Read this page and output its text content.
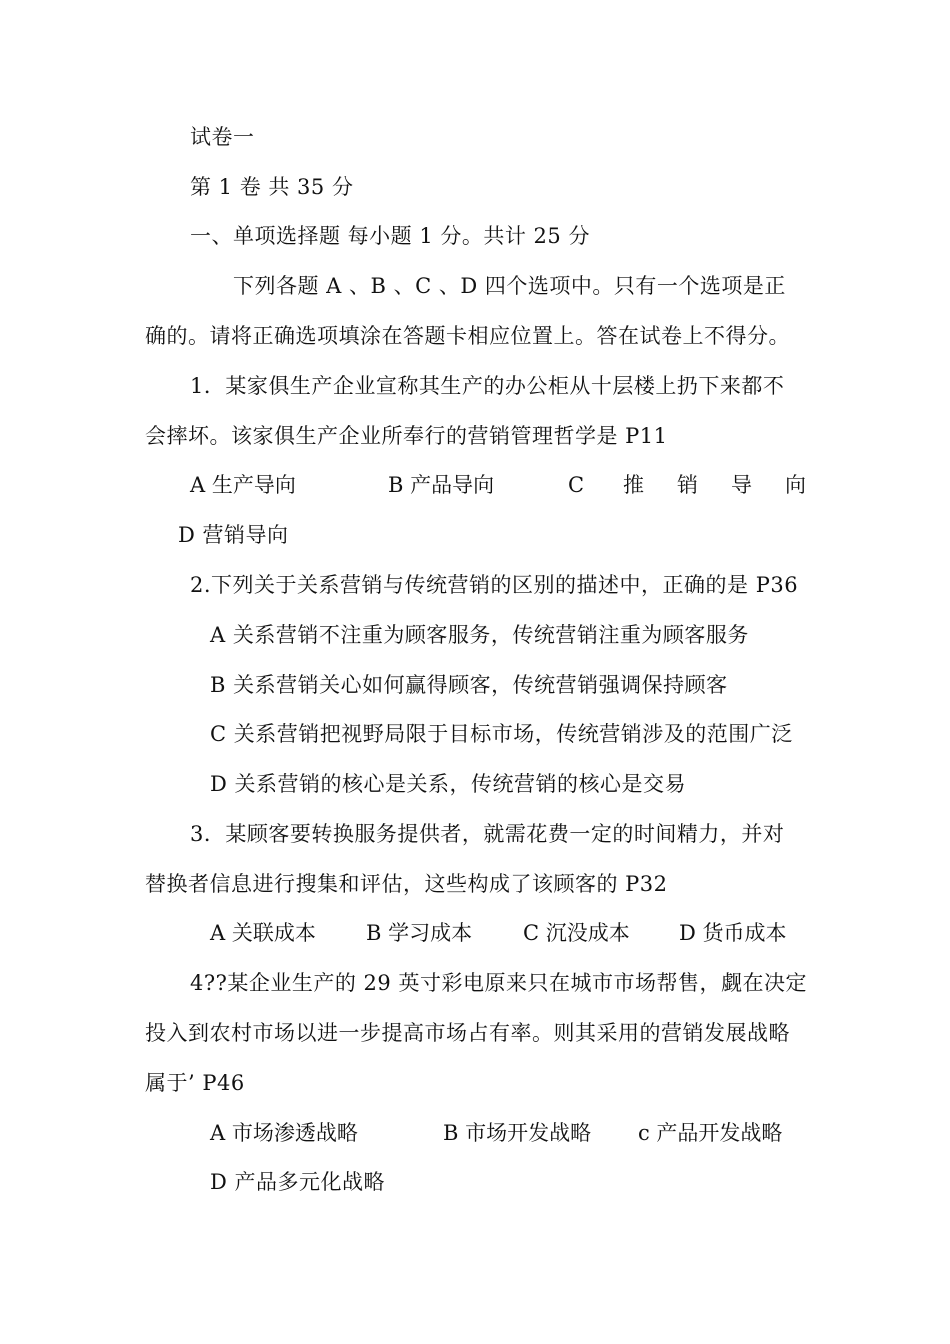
试卷一
第 1 卷 共 35 分
一、单项选择题 每小题 1 分。共计 25 分
下列各题 A 、B 、C 、D 四个选项中。只有一个选项是正
确的。请将正确选项填涂在答题卡相应位置上。答在试卷上不得分。
1．某家俱生产企业宣称其生产的办公柜从十层楼上扔下来都不
会摔坏。该家俱生产企业所奉行的营销管理哲学是 P11
A 生产导向	B 产品导向	C 推 销 导 向
D 营销导向
2.下列关于关系营销与传统营销的区别的描述中，正确的是 P36
A 关系营销不注重为顾客服务，传统营销注重为顾客服务
B 关系营销关心如何赢得顾客，传统营销强调保持顾客
C 关系营销把视野局限于目标市场，传统营销涉及的范围广泛
D 关系营销的核心是关系，传统营销的核心是交易
3．某顾客要转换服务提供者，就需花费一定的时间精力，并对
替换者信息进行搜集和评估，这些构成了该顾客的 P32
A 关联成本 B 学习成本 C 沉没成本 D 货币成本
4??某企业生产的 29 英寸彩电原来只在城市市场帮售，觑在决定
投入到农村市场以进一步提高市场占有率。则其采用的营销发展战略
属于’ P46
A 市场渗透战略	B 市场开发战略 c 产品开发战略
D 产品多元化战略
